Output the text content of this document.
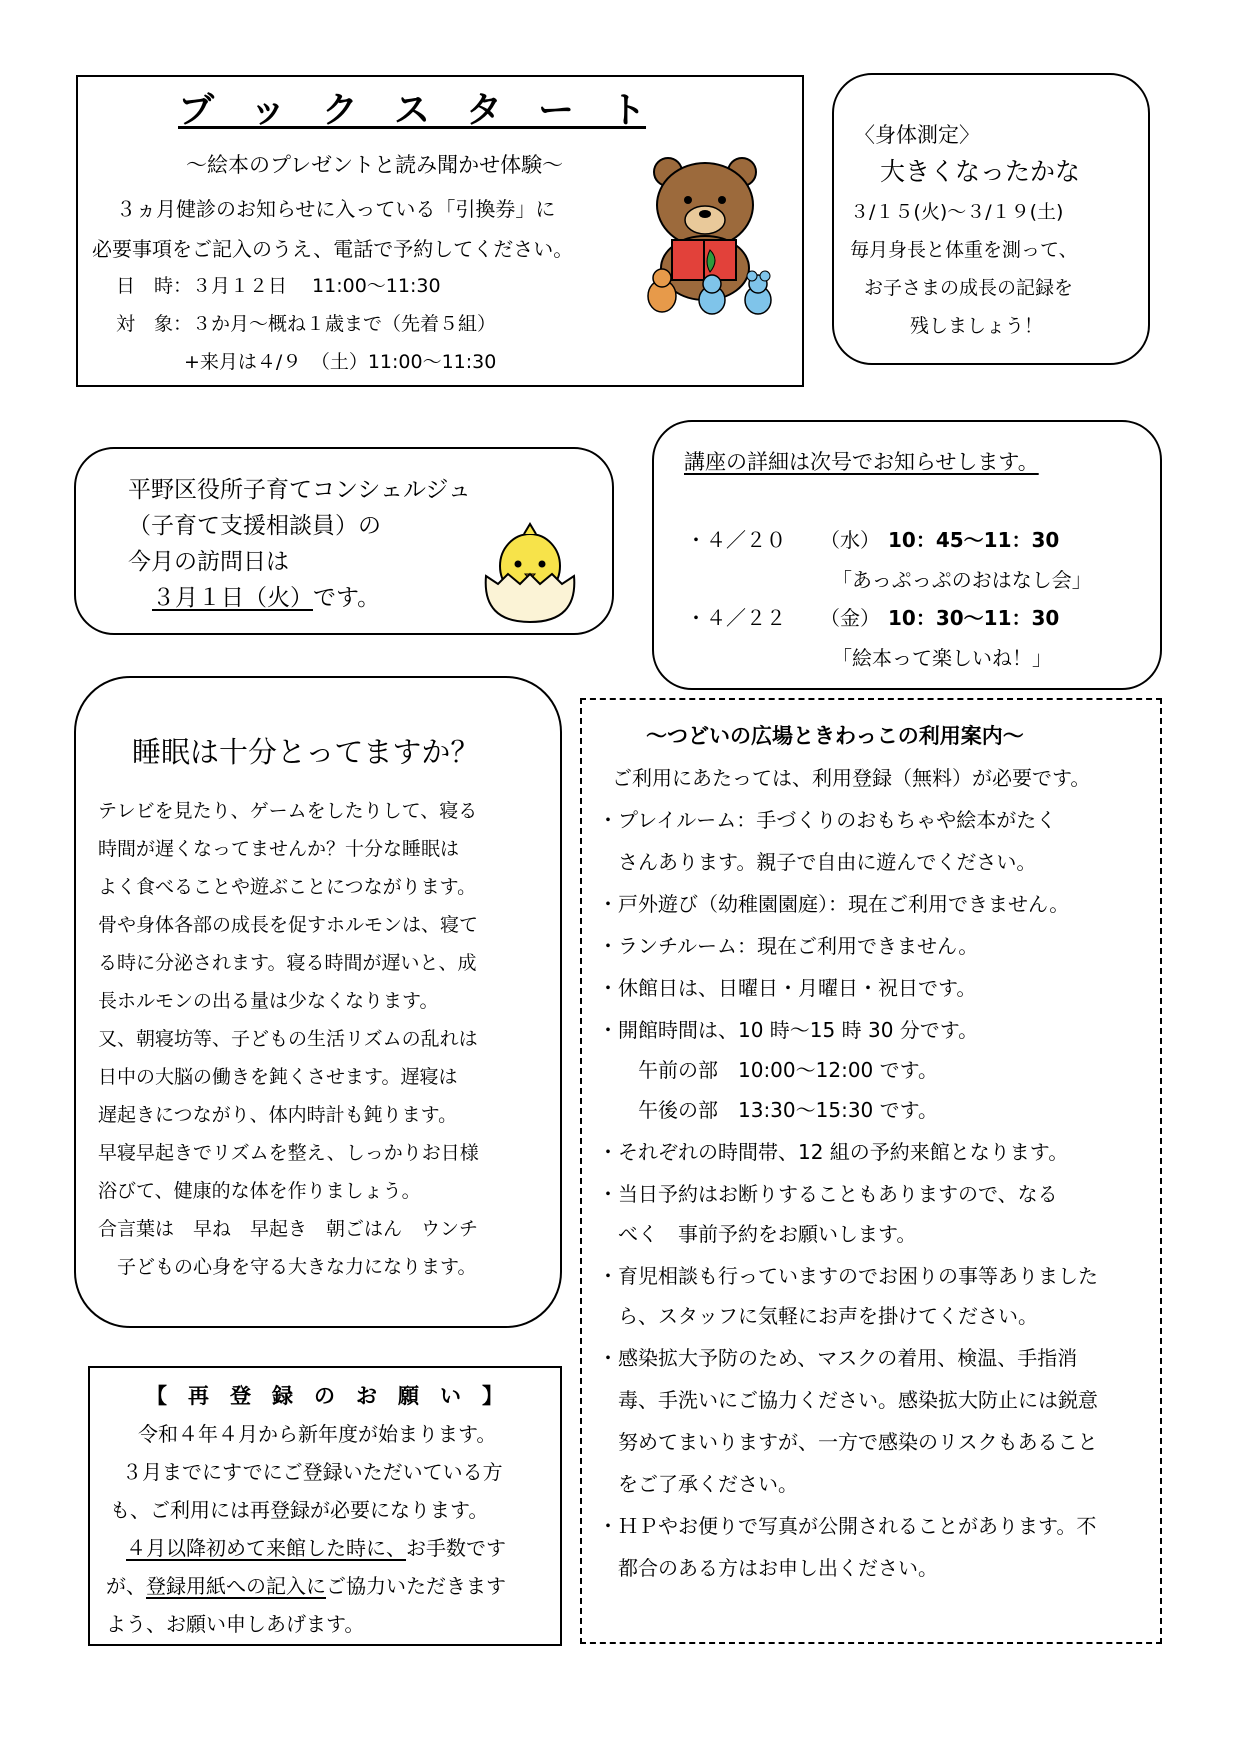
ブ　ッ　ク　ス　タ　ー　ト
～絵本のプレゼントと読み聞かせ体験～
３ヵ月健診のお知らせに入っている「引換券」に
必要事項をご記入のうえ、電話で予約してください。
日　時：３月１２日　 11:00～11:30
対　象：３か月～概ね１歳まで（先着５組）
+来月は４/９　（土）11:00～11:30
〈身体測定〉
大きくなったかな
３/１５(火)～３/１９(土)
毎月身長と体重を測って、
お子さまの成長の記録を
残しましょう！
平野区役所子育てコンシェルジュ
（子育て支援相談員）の
今月の訪問日は
３月１日（火）です。
講座の詳細は次号でお知らせします。
・４／２０ （水） 10：45～11：30
「あっぷっぷのおはなし会」
・４／２２ （金） 10：30～11：30
「絵本って楽しいね！」
睡眠は十分とってますか？
テレビを見たり、ゲームをしたりして、寝る
時間が遅くなってませんか？十分な睡眠は
よく食べることや遊ぶことにつながります。
骨や身体各部の成長を促すホルモンは、寝て
る時に分泌されます。寝る時間が遅いと、成
長ホルモンの出る量は少なくなります。
又、朝寝坊等、子どもの生活リズムの乱れは
日中の大脳の働きを鈍くさせます。遅寝は
遅起きにつながり、体内時計も鈍ります。
早寝早起きでリズムを整え、しっかりお日様
浴びて、健康的な体を作りましょう。
合言葉は　早ね　早起き　朝ごはん　ウンチ
　子どもの心身を守る大きな力になります。
【　再　登　録　の　お　願　い　】
令和４年４月から新年度が始まります。
３月までにすでにご登録いただいている方
も、ご利用には再登録が必要になります。
４月以降初めて来館した時に、お手数です
が、登録用紙への記入にご協力いただきます
よう、お願い申しあげます。
～つどいの広場ときわっこの利用案内～
ご利用にあたっては、利用登録（無料）が必要です。
・プレイルーム：手づくりのおもちゃや絵本がたく
　さんあります。親子で自由に遊んでください。
・戸外遊び（幼稚園園庭）：現在ご利用できません。
・ランチルーム：現在ご利用できません。
・休館日は、日曜日・月曜日・祝日です。
・開館時間は、10 時～15 時 30 分です。
　　午前の部　10:00～12:00 です。
　　午後の部　13:30～15:30 です。
・それぞれの時間帯、12 組の予約来館となります。
・当日予約はお断りすることもありますので、なる
　べく　事前予約をお願いします。
・育児相談も行っていますのでお困りの事等ありました
　ら、スタッフに気軽にお声を掛けてください。
・感染拡大予防のため、マスクの着用、検温、手指消
　毒、手洗いにご協力ください。感染拡大防止には鋭意
　努めてまいりますが、一方で感染のリスクもあること
　をご了承ください。
・ＨＰやお便りで写真が公開されることがあります。不
　都合のある方はお申し出ください。
